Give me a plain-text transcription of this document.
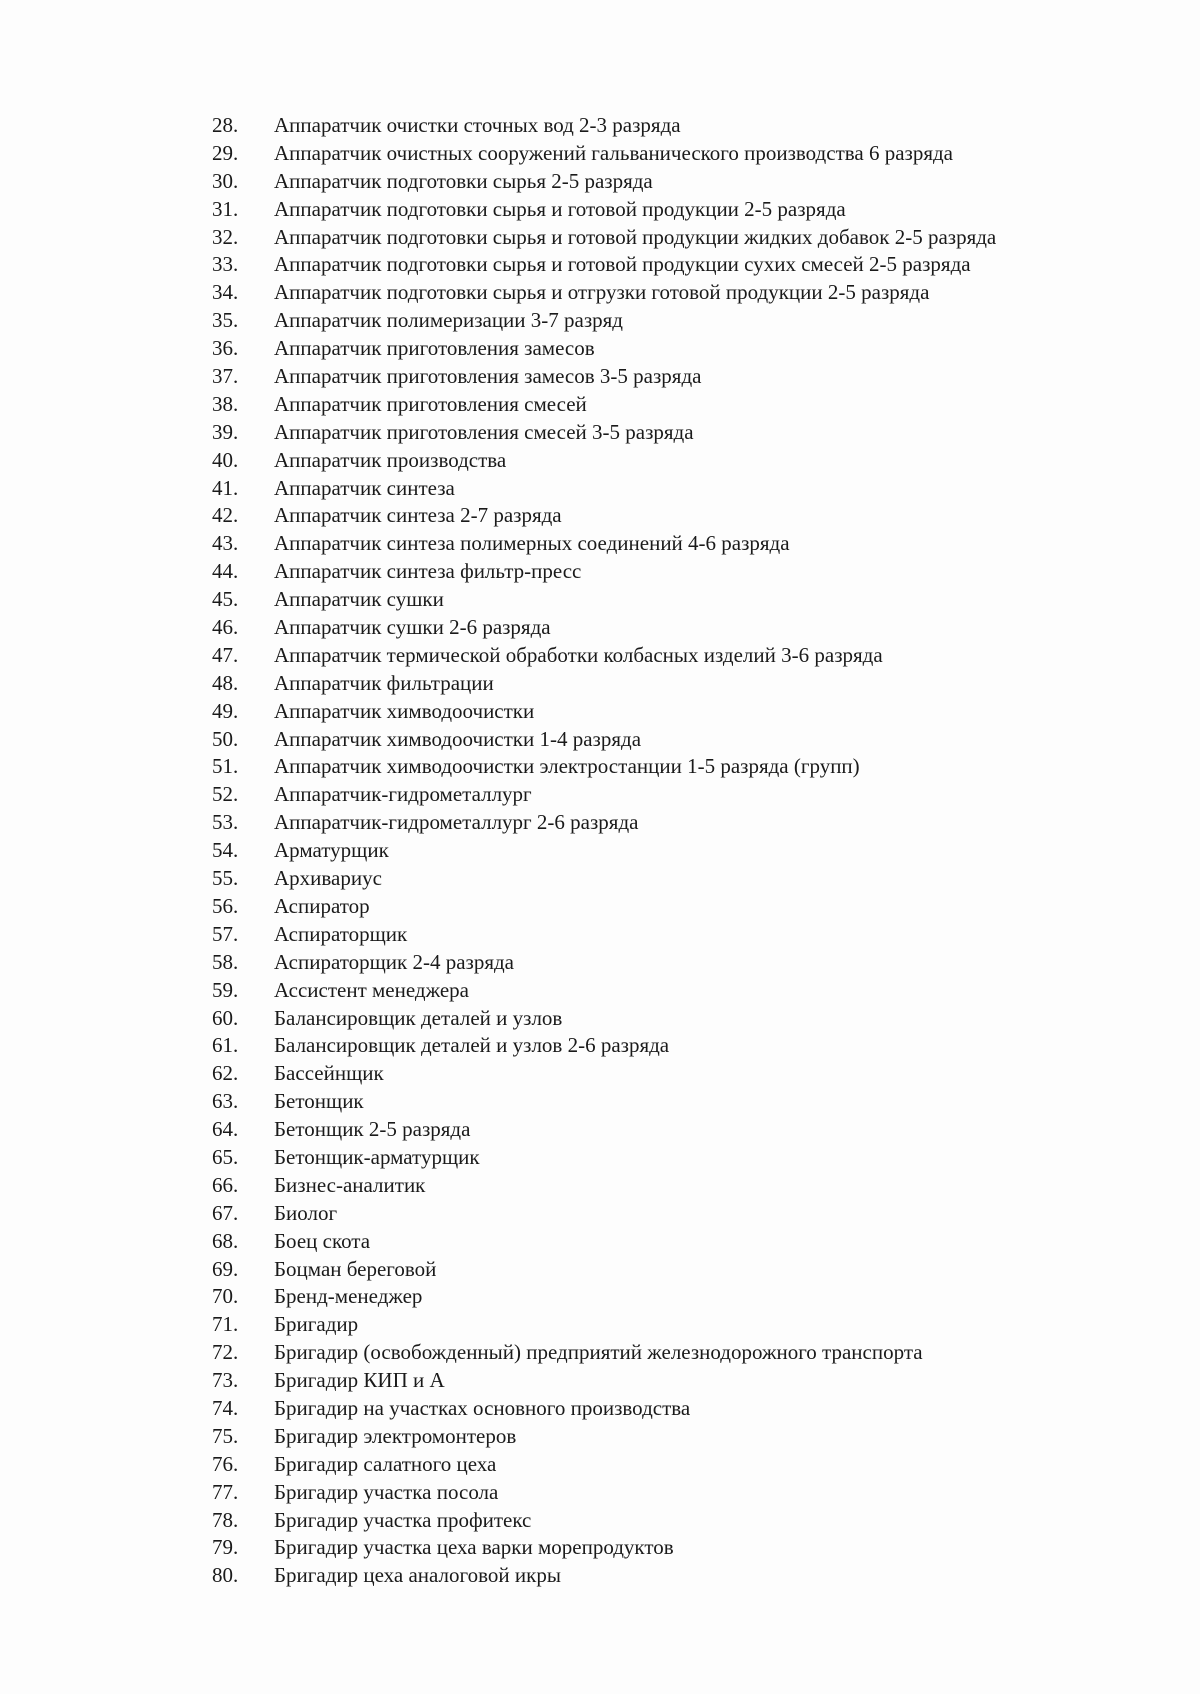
28.	Аппаратчик очистки сточных вод 2-3 разряда
29.	Аппаратчик очистных сооружений гальванического производства 6 разряда
30.	Аппаратчик подготовки сырья 2-5 разряда
31.	Аппаратчик подготовки сырья и готовой продукции 2-5 разряда
32.	Аппаратчик подготовки сырья и готовой продукции жидких добавок 2-5 разряда
33.	Аппаратчик подготовки сырья и готовой продукции сухих смесей 2-5 разряда
34.	Аппаратчик подготовки сырья и отгрузки готовой продукции 2-5 разряда
35.	Аппаратчик полимеризации 3-7 разряд
36.	Аппаратчик приготовления замесов
37.	Аппаратчик приготовления замесов 3-5 разряда
38.	Аппаратчик приготовления смесей
39.	Аппаратчик приготовления смесей 3-5 разряда
40.	Аппаратчик производства
41.	Аппаратчик синтеза
42.	Аппаратчик синтеза 2-7 разряда
43.	Аппаратчик синтеза полимерных соединений 4-6 разряда
44.	Аппаратчик синтеза фильтр-пресс
45.	Аппаратчик сушки
46.	Аппаратчик сушки 2-6 разряда
47.	Аппаратчик термической обработки колбасных изделий 3-6 разряда
48.	Аппаратчик фильтрации
49.	Аппаратчик химводоочистки
50.	Аппаратчик химводоочистки 1-4 разряда
51.	Аппаратчик химводоочистки электростанции 1-5 разряда (групп)
52.	Аппаратчик-гидрометаллург
53.	Аппаратчик-гидрометаллург 2-6 разряда
54.	Арматурщик
55.	Архивариус
56.	Аспиратор
57.	Аспираторщик
58.	Аспираторщик 2-4 разряда
59.	Ассистент менеджера
60.	Балансировщик деталей и узлов
61.	Балансировщик деталей и узлов 2-6 разряда
62.	Бассейнщик
63.	Бетонщик
64.	Бетонщик 2-5 разряда
65.	Бетонщик-арматурщик
66.	Бизнес-аналитик
67.	Биолог
68.	Боец скота
69.	Боцман береговой
70.	Бренд-менеджер
71.	Бригадир
72.	Бригадир (освобожденный) предприятий железнодорожного транспорта
73.	Бригадир КИП и А
74.	Бригадир на участках основного производства
75.	Бригадир электромонтеров
76.	Бригадир салатного цеха
77.	Бригадир участка посола
78.	Бригадир участка профитекс
79.	Бригадир участка цеха варки морепродуктов
80.	Бригадир цеха аналоговой икры
